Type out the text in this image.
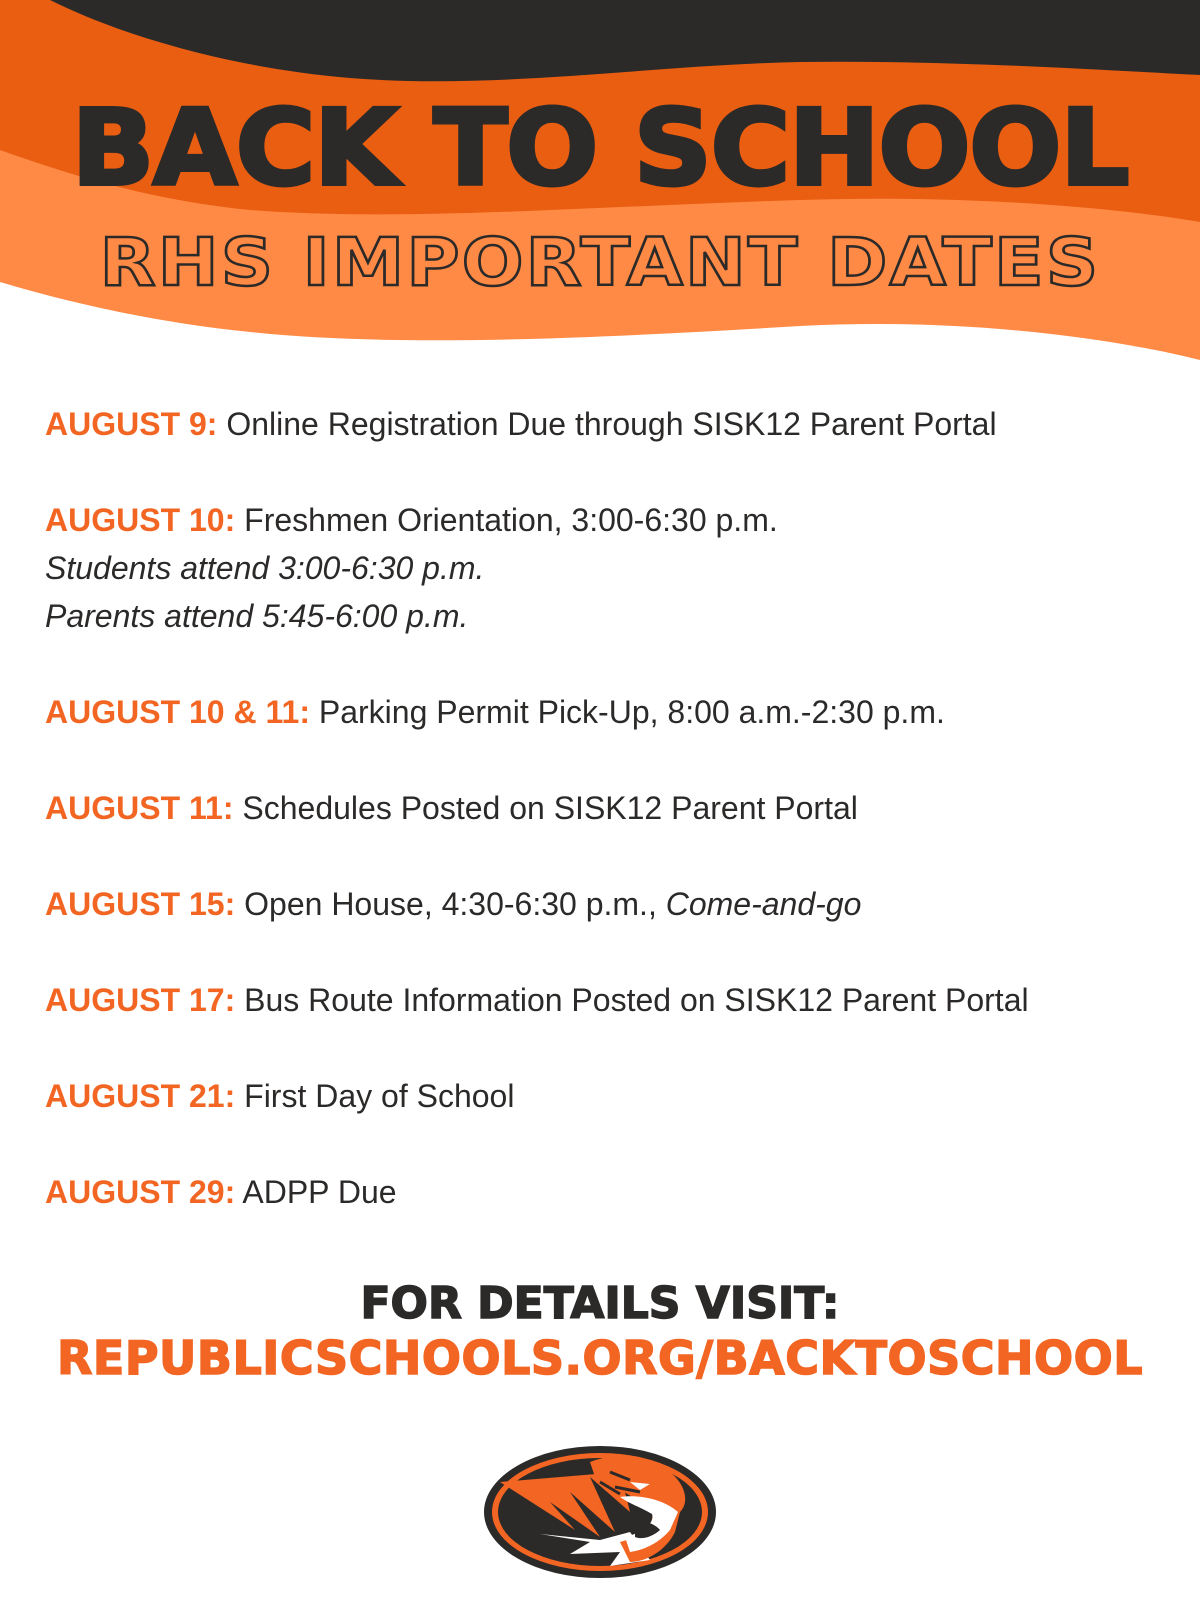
BACK TO SCHOOL
RHS IMPORTANT DATES

AUGUST 9: Online Registration Due through SISK12 Parent Portal

AUGUST 10: Freshmen Orientation, 3:00-6:30 p.m.
Students attend 3:00-6:30 p.m.
Parents attend 5:45-6:00 p.m.

AUGUST 10 & 11: Parking Permit Pick-Up, 8:00 a.m.-2:30 p.m.

AUGUST 11: Schedules Posted on SISK12 Parent Portal

AUGUST 15: Open House, 4:30-6:30 p.m., Come-and-go

AUGUST 17: Bus Route Information Posted on SISK12 Parent Portal

AUGUST 21: First Day of School

AUGUST 29: ADPP Due

FOR DETAILS VISIT:
REPUBLICSCHOOLS.ORG/BACKTOSCHOOL
